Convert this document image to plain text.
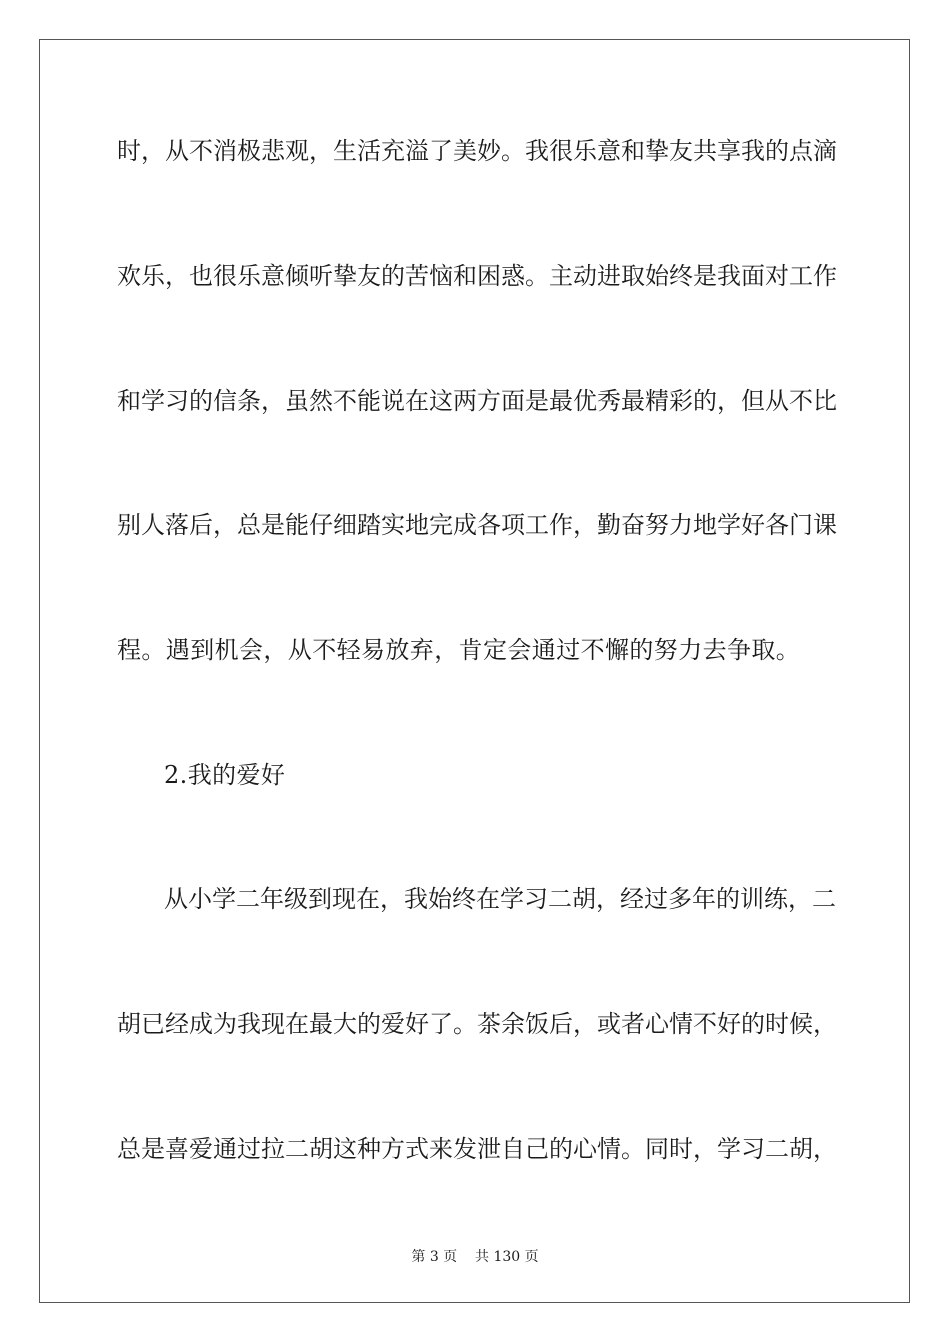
时，从不消极悲观，生活充溢了美妙。我很乐意和挚友共享我的点滴
欢乐，也很乐意倾听挚友的苦恼和困惑。主动进取始终是我面对工作
和学习的信条，虽然不能说在这两方面是最优秀最精彩的，但从不比
别人落后，总是能仔细踏实地完成各项工作，勤奋努力地学好各门课
程。遇到机会，从不轻易放弃，肯定会通过不懈的努力去争取。
2.我的爱好
从小学二年级到现在，我始终在学习二胡，经过多年的训练，二
胡已经成为我现在最大的爱好了。茶余饭后，或者心情不好的时候，
总是喜爱通过拉二胡这种方式来发泄自己的心情。同时，学习二胡，
第 3 页 共 130 页
